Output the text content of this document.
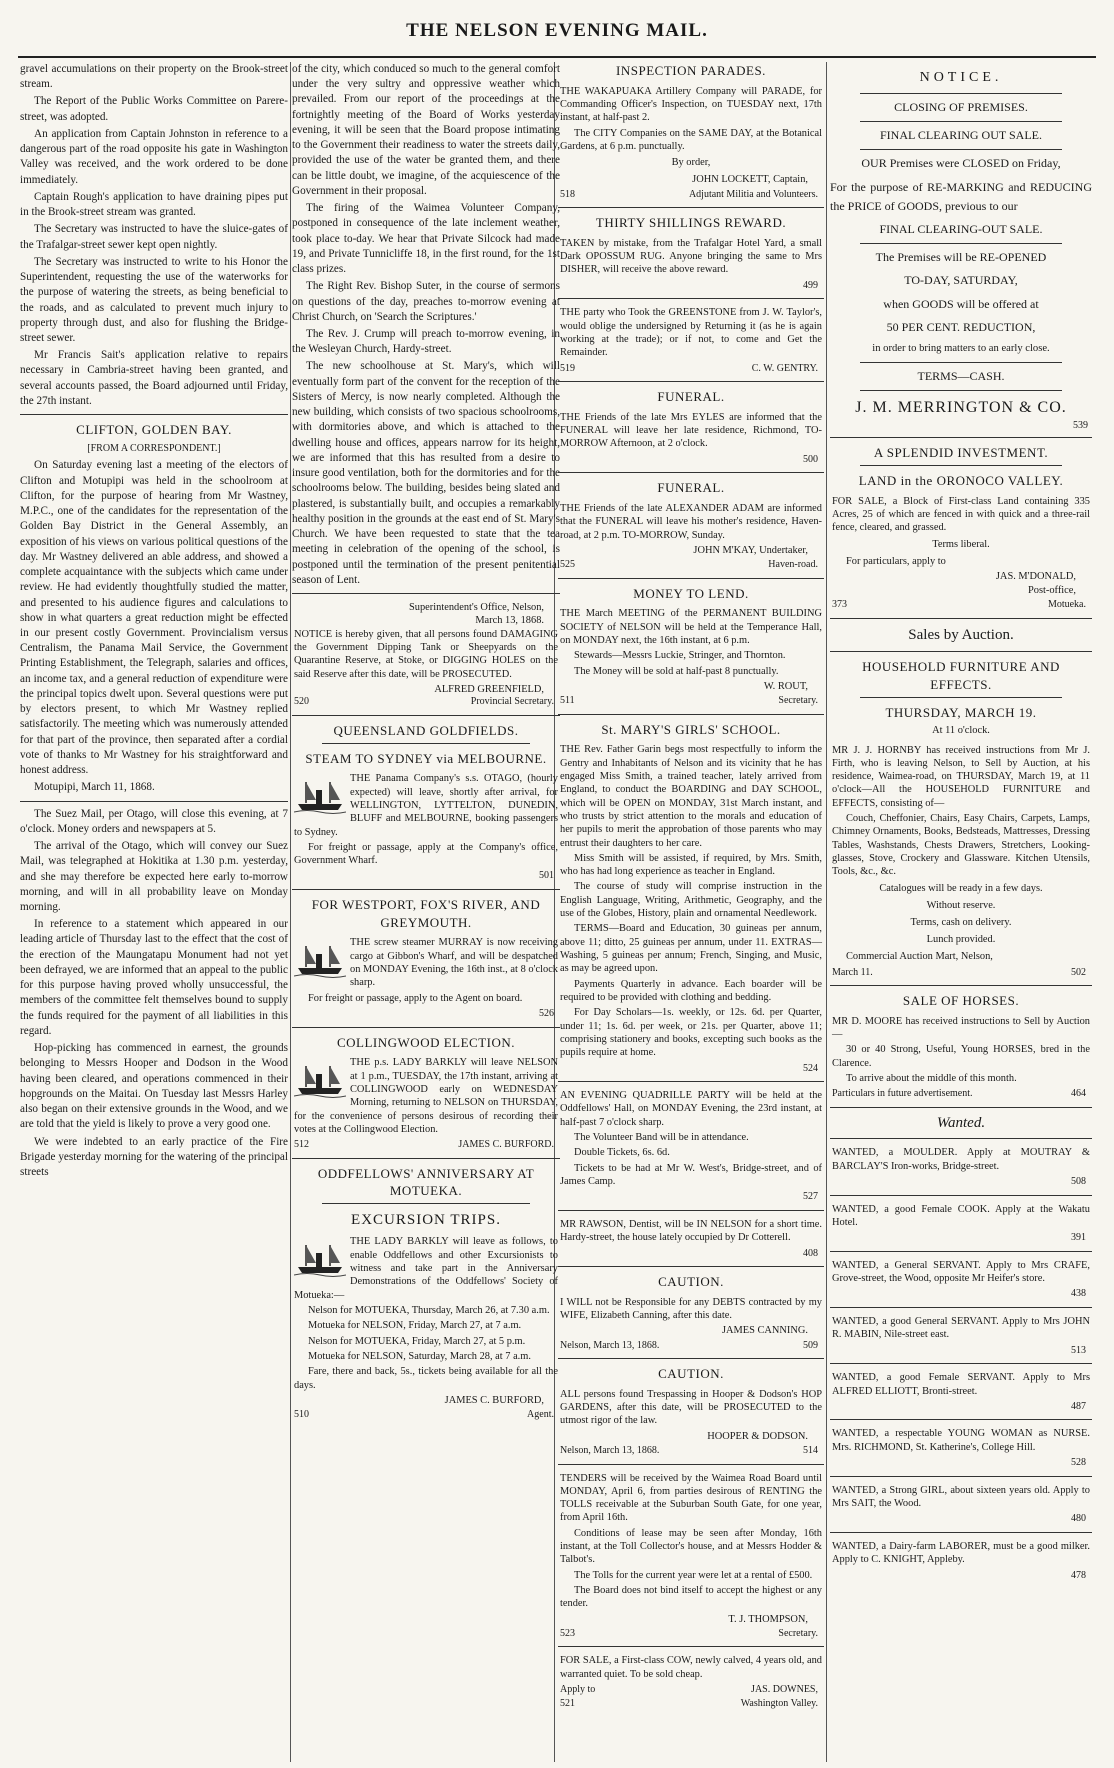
THE NELSON EVENING MAIL.

gravel accumulations on their property on the Brook-street stream.

The Report of the Public Works Committee on Parere-street, was adopted.

An application from Captain Johnston in reference to a dangerous part of the road opposite his gate in Washington Valley was received, and the work ordered to be done immediately.

Captain Rough's application to have draining pipes put in the Brook-street stream was granted.

The Secretary was instructed to have the sluice-gates of the Trafalgar-street sewer kept open nightly.

The Secretary was instructed to write to his Honor the Superintendent, requesting the use of the waterworks for the purpose of watering the streets, as being beneficial to the roads, and as calculated to prevent much injury to property through dust, and also for flushing the Bridge-street sewer.

Mr Francis Sait's application relative to repairs necessary in Cambria-street having been granted, and several accounts passed, the Board adjourned until Friday, the 27th instant.

CLIFTON, GOLDEN BAY.
[FROM A CORRESPONDENT.]

On Saturday evening last a meeting of the electors of Clifton and Motupipi was held in the schoolroom at Clifton, for the purpose of hearing from Mr Wastney, M.P.C., one of the candidates for the representation of the Golden Bay District in the General Assembly, an exposition of his views on various political questions of the day. Mr Wastney delivered an able address, and showed a complete acquaintance with the subjects which came under review. He had evidently thoughtfully studied the matter, and presented to his audience figures and calculations to show in what quarters a great reduction might be effected in our present costly Government. Provincialism versus Centralism, the Panama Mail Service, the Government Printing Establishment, the Telegraph, salaries and offices, an income tax, and a general reduction of expenditure were the principal topics dwelt upon. Several questions were put by electors present, to which Mr Wastney replied satisfactorily. The meeting which was numerously attended for that part of the province, then separated after a cordial vote of thanks to Mr Wastney for his straightforward and honest address.

Motupipi, March 11, 1868.

The Suez Mail, per Otago, will close this evening, at 7 o'clock. Money orders and newspapers at 5.

The arrival of the Otago, which will convey our Suez Mail, was telegraphed at Hokitika at 1.30 p.m. yesterday, and she may therefore be expected here early to-morrow morning, and will in all probability leave on Monday morning.

In reference to a statement which appeared in our leading article of Thursday last to the effect that the cost of the erection of the Maungatapu Monument had not yet been defrayed, we are informed that an appeal to the public for this purpose having proved wholly unsuccessful, the members of the committee felt themselves bound to supply the funds required for the payment of all liabilities in this regard.

Hop-picking has commenced in earnest, the grounds belonging to Messrs Hooper and Dodson in the Wood having been cleared, and operations commenced in their hopgrounds on the Maitai. On Tuesday last Messrs Harley also began on their extensive grounds in the Wood, and we are told that the yield is likely to prove a very good one.

We were indebted to an early practice of the Fire Brigade yesterday morning for the watering of the principal streets

of the city, which conduced so much to the general comfort under the very sultry and oppressive weather which prevailed. From our report of the proceedings at the fortnightly meeting of the Board of Works yesterday evening, it will be seen that the Board propose intimating to the Government their readiness to water the streets daily, provided the use of the water be granted them, and there can be little doubt, we imagine, of the acquiescence of the Government in their proposal.

The firing of the Waimea Volunteer Company, postponed in consequence of the late inclement weather, took place to-day. We hear that Private Silcock had made 19, and Private Tunnicliffe 18, in the first round, for the 1st class prizes.

The Right Rev. Bishop Suter, in the course of sermons on questions of the day, preaches to-morrow evening at Christ Church, on 'Search the Scriptures.'

The Rev. J. Crump will preach to-morrow evening, in the Wesleyan Church, Hardy-street.

The new schoolhouse at St. Mary's, which will eventually form part of the convent for the reception of the Sisters of Mercy, is now nearly completed. Although the new building, which consists of two spacious schoolrooms, with dormitories above, and which is attached to the dwelling house and offices, appears narrow for its height, we are informed that this has resulted from a desire to insure good ventilation, both for the dormitories and for the schoolrooms below. The building, besides being slated and plastered, is substantially built, and occupies a remarkably healthy position in the grounds at the east end of St. Mary's Church. We have been requested to state that the tea meeting in celebration of the opening of the school, is postponed until the termination of the present penitential season of Lent.

Superintendent's Office, Nelson,
March 13, 1868.

NOTICE is hereby given, that all persons found DAMAGING the Government Dipping Tank or Sheepyards on the Quarantine Reserve, at Stoke, or DIGGING HOLES on the said Reserve after this date, will be PROSECUTED.

ALFRED GREENFIELD,
520	Provincial Secretary.
QUEENSLAND GOLDFIELDS.
STEAM TO SYDNEY via MELBOURNE.

THE Panama Company's s.s. OTAGO, (hourly expected) will leave, shortly after arrival, for WELLINGTON, LYTTELTON, DUNEDIN, BLUFF and MELBOURNE, booking passengers to Sydney.

For freight or passage, apply at the Company's office, Government Wharf.

501
FOR WESTPORT, FOX'S RIVER, AND GREYMOUTH.

THE screw steamer MURRAY is now receiving cargo at Gibbon's Wharf, and will be despatched on MONDAY Evening, the 16th inst., at 8 o'clock sharp.

For freight or passage, apply to the Agent on board.

526
COLLINGWOOD ELECTION.

THE p.s. LADY BARKLY will leave NELSON at 1 p.m., TUESDAY, the 17th instant, arriving at COLLINGWOOD early on WEDNESDAY Morning, returning to NELSON on THURSDAY, for the convenience of persons desirous of recording their votes at the Collingwood Election.

512	JAMES C. BURFORD.
ODDFELLOWS' ANNIVERSARY AT MOTUEKA.
EXCURSION TRIPS.

THE LADY BARKLY will leave as follows, to enable Oddfellows and other Excursionists to witness and take part in the Anniversary Demonstrations of the Oddfellows' Society of Motueka:—

Nelson for MOTUEKA, Thursday, March 26, at 7.30 a.m.

Motueka for NELSON, Friday, March 27, at 7 a.m.

Nelson for MOTUEKA, Friday, March 27, at 5 p.m.

Motueka for NELSON, Saturday, March 28, at 7 a.m.

Fare, there and back, 5s., tickets being available for all the days.

JAMES C. BURFORD,
510	Agent.
INSPECTION PARADES.

THE WAKAPUAKA Artillery Company will PARADE, for Commanding Officer's Inspection, on TUESDAY next, 17th instant, at half-past 2.

The CITY Companies on the SAME DAY, at the Botanical Gardens, at 6 p.m. punctually.

By order,
JOHN LOCKETT, Captain,
518	Adjutant Militia and Volunteers.
THIRTY SHILLINGS REWARD.

TAKEN by mistake, from the Trafalgar Hotel Yard, a small Dark OPOSSUM RUG. Anyone bringing the same to Mrs DISHER, will receive the above reward.

499

THE party who Took the GREENSTONE from J. W. Taylor's, would oblige the undersigned by Returning it (as he is again working at the trade); or if not, to come and Get the Remainder.

519	C. W. GENTRY.
FUNERAL.

THE Friends of the late Mrs EYLES are informed that the FUNERAL will leave her late residence, Richmond, TO-MORROW Afternoon, at 2 o'clock.

500
FUNERAL.

THE Friends of the late ALEXANDER ADAM are informed that the FUNERAL will leave his mother's residence, Haven-road, at 2 p.m. TO-MORROW, Sunday.

JOHN M'KAY, Undertaker,
525	Haven-road.
MONEY TO LEND.

THE March MEETING of the PERMANENT BUILDING SOCIETY of NELSON will be held at the Temperance Hall, on MONDAY next, the 16th instant, at 6 p.m.

Stewards—Messrs Luckie, Stringer, and Thornton.

The Money will be sold at half-past 8 punctually.

W. ROUT,
511	Secretary.
St. MARY'S GIRLS' SCHOOL.

THE Rev. Father Garin begs most respectfully to inform the Gentry and Inhabitants of Nelson and its vicinity that he has engaged Miss Smith, a trained teacher, lately arrived from England, to conduct the BOARDING and DAY SCHOOL, which will be OPEN on MONDAY, 31st March instant, and who trusts by strict attention to the morals and education of her pupils to merit the approbation of those parents who may entrust their daughters to her care.

Miss Smith will be assisted, if required, by Mrs. Smith, who has had long experience as teacher in England.

The course of study will comprise instruction in the English Language, Writing, Arithmetic, Geography, and the use of the Globes, History, plain and ornamental Needlework.

TERMS—Board and Education, 30 guineas per annum, above 11; ditto, 25 guineas per annum, under 11. EXTRAS—Washing, 5 guineas per annum; French, Singing, and Music, as may be agreed upon.

Payments Quarterly in advance. Each boarder will be required to be provided with clothing and bedding.

For Day Scholars—1s. weekly, or 12s. 6d. per Quarter, under 11; 1s. 6d. per week, or 21s. per Quarter, above 11; comprising stationery and books, excepting such books as the pupils require at home.

524

AN EVENING QUADRILLE PARTY will be held at the Oddfellows' Hall, on MONDAY Evening, the 23rd instant, at half-past 7 o'clock sharp.

The Volunteer Band will be in attendance.

Double Tickets, 6s. 6d.

Tickets to be had at Mr W. West's, Bridge-street, and of James Camp.

527

MR RAWSON, Dentist, will be IN NELSON for a short time. Hardy-street, the house lately occupied by Dr Cotterell.

408
CAUTION.

I WILL not be Responsible for any DEBTS contracted by my WIFE, Elizabeth Canning, after this date.

JAMES CANNING.
Nelson, March 13, 1868.	509
CAUTION.

ALL persons found Trespassing in Hooper & Dodson's HOP GARDENS, after this date, will be PROSECUTED to the utmost rigor of the law.

HOOPER & DODSON.
Nelson, March 13, 1868.	514

TENDERS will be received by the Waimea Road Board until MONDAY, April 6, from parties desirous of RENTING the TOLLS receivable at the Suburban South Gate, for one year, from April 16th.

Conditions of lease may be seen after Monday, 16th instant, at the Toll Collector's house, and at Messrs Hodder & Talbot's.

The Tolls for the current year were let at a rental of £500.

The Board does not bind itself to accept the highest or any tender.

T. J. THOMPSON,
523	Secretary.

FOR SALE, a First-class COW, newly calved, 4 years old, and warranted quiet. To be sold cheap.

Apply to	JAS. DOWNES,
521	Washington Valley.
NOTICE.
CLOSING OF PREMISES.
FINAL CLEARING OUT SALE.
OUR Premises were CLOSED on Friday,
For the purpose of RE-MARKING and REDUCING the PRICE of GOODS, previous to our
FINAL CLEARING-OUT SALE.
The Premises will be RE-OPENED
TO-DAY, SATURDAY,
when GOODS will be offered at
50 PER CENT. REDUCTION,
in order to bring matters to an early close.
TERMS—CASH.
J. M. MERRINGTON & CO.
539
A SPLENDID INVESTMENT.
LAND in the ORONOCO VALLEY.

FOR SALE, a Block of First-class Land containing 335 Acres, 25 of which are fenced in with quick and a three-rail fence, cleared, and grassed.

Terms liberal.

For particulars, apply to

JAS. M'DONALD,
Post-office,
373	Motueka.
Sales by Auction.
HOUSEHOLD FURNITURE AND EFFECTS.
THURSDAY, MARCH 19.
At 11 o'clock.

MR J. J. HORNBY has received instructions from Mr J. Firth, who is leaving Nelson, to Sell by Auction, at his residence, Waimea-road, on THURSDAY, March 19, at 11 o'clock—All the HOUSEHOLD FURNITURE and EFFECTS, consisting of—

Couch, Cheffonier, Chairs, Easy Chairs, Carpets, Lamps, Chimney Ornaments, Books, Bedsteads, Mattresses, Dressing Tables, Washstands, Chests Drawers, Stretchers, Looking-glasses, Stove, Crockery and Glassware. Kitchen Utensils, Tools, &c., &c.

Catalogues will be ready in a few days.
Without reserve.
Terms, cash on delivery.
Lunch provided.

Commercial Auction Mart, Nelson,

March 11.	502
SALE OF HORSES.

MR D. MOORE has received instructions to Sell by Auction—

30 or 40 Strong, Useful, Young HORSES, bred in the Clarence.

To arrive about the middle of this month.

Particulars in future advertisement.	464
Wanted.

WANTED, a MOULDER. Apply at MOUTRAY & BARCLAY'S Iron-works, Bridge-street.

508

WANTED, a good Female COOK. Apply at the Wakatu Hotel.

391

WANTED, a General SERVANT. Apply to Mrs CRAFE, Grove-street, the Wood, opposite Mr Heifer's store.

438

WANTED, a good General SERVANT. Apply to Mrs JOHN R. MABIN, Nile-street east.

513

WANTED, a good Female SERVANT. Apply to Mrs ALFRED ELLIOTT, Bronti-street.

487

WANTED, a respectable YOUNG WOMAN as NURSE. Mrs. RICHMOND, St. Katherine's, College Hill.

528

WANTED, a Strong GIRL, about sixteen years old. Apply to Mrs SAIT, the Wood.

480

WANTED, a Dairy-farm LABORER, must be a good milker. Apply to C. KNIGHT, Appleby.

478
